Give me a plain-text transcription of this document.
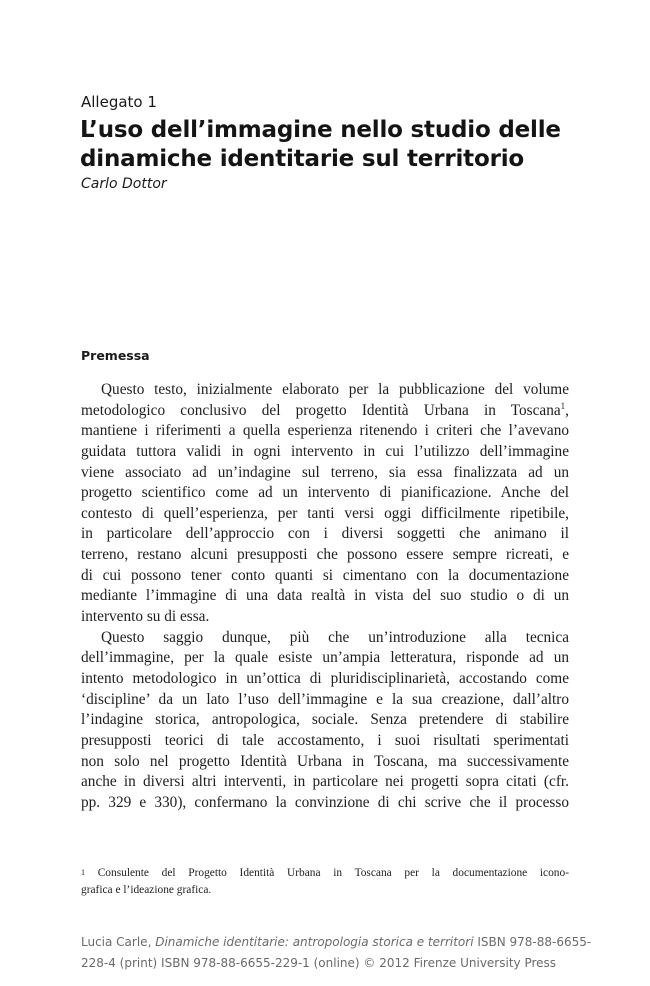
Allegato 1
L’uso dell’immagine nello studio delle
dinamiche identitarie sul territorio
Carlo Dottor
Premessa
Questo testo, inizialmente elaborato per la pubblicazione del volume
metodologico conclusivo del progetto Identità Urbana in Toscana$^1$,
mantiene i riferimenti a quella esperienza ritenendo i criteri che l’avevano
guidata tuttora validi in ogni intervento in cui l’utilizzo dell’immagine
viene associato ad un’indagine sul terreno, sia essa finalizzata ad un
progetto scientifico come ad un intervento di pianificazione. Anche del
contesto di quell’esperienza, per tanti versi oggi difficilmente ripetibile,
in particolare dell’approccio con i diversi soggetti che animano il
terreno, restano alcuni presupposti che possono essere sempre ricreati, e
di cui possono tener conto quanti si cimentano con la documentazione
mediante l’immagine di una data realtà in vista del suo studio o di un
intervento su di essa.
Questo saggio dunque, più che un’introduzione alla tecnica
dell’immagine, per la quale esiste un’ampia letteratura, risponde ad un
intento metodologico in un’ottica di pluridisciplinarietà, accostando come
‘discipline’ da un lato l’uso dell’immagine e la sua creazione, dall’altro
l’indagine storica, antropologica, sociale. Senza pretendere di stabilire
presupposti teorici di tale accostamento, i suoi risultati sperimentati
non solo nel progetto Identità Urbana in Toscana, ma successivamente
anche in diversi altri interventi, in particolare nei progetti sopra citati (cfr.
pp. 329 e 330), confermano la convinzione di chi scrive che il processo
$^1$ Consulente del Progetto Identità Urbana in Toscana per la documentazione icono-
grafica e l’ideazione grafica.
Lucia Carle, Dinamiche identitarie: antropologia storica e territori ISBN 978-88-6655-
228-4 (print) ISBN 978-88-6655-229-1 (online) © 2012 Firenze University Press
